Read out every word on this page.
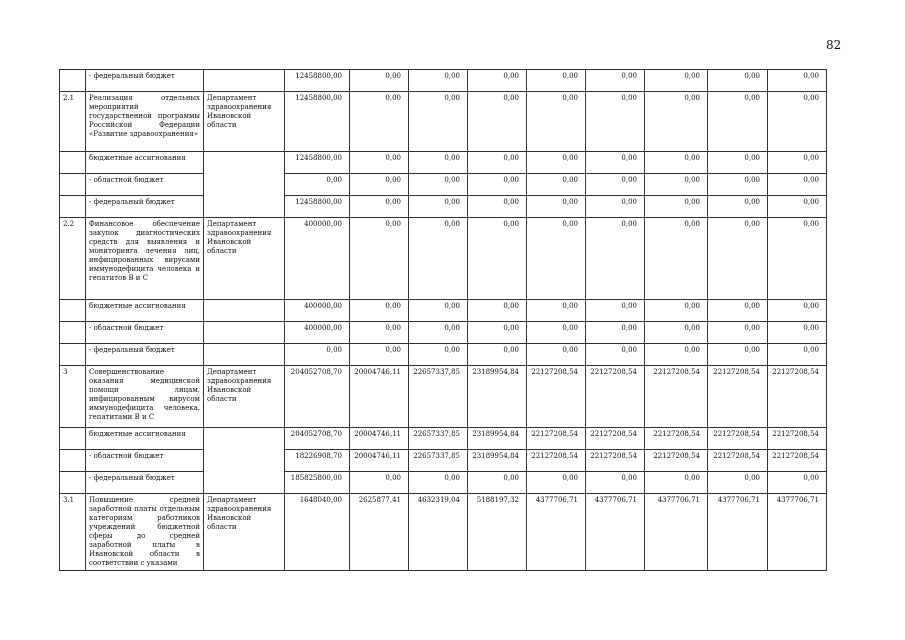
82
	- федеральный бюджет		12458800,00	0,00	0,00	0,00	0,00	0,00	0,00	0,00	0,00
2.1	Реализация отдельных мероприятий государственной программы Российской Федерации «Развитие здравоохранения»	Департамент здравоохранения Ивановской области	12458800,00	0,00	0,00	0,00	0,00	0,00	0,00	0,00	0,00
	бюджетные ассигнования		12458800,00	0,00	0,00	0,00	0,00	0,00	0,00	0,00	0,00
	- областной бюджет		0,00	0,00	0,00	0,00	0,00	0,00	0,00	0,00	0,00
	- федеральный бюджет		12458800,00	0,00	0,00	0,00	0,00	0,00	0,00	0,00	0,00
2.2	Финансовое обеспечение закупок диагностических средств для выявления и мониторинга лечения лиц, инфицированных вирусами иммунодефицита человека и гепатитов В и С	Департамент здравоохранения Ивановской области	400000,00	0,00	0,00	0,00	0,00	0,00	0,00	0,00	0,00
	бюджетные ассигнования		400000,00	0,00	0,00	0,00	0,00	0,00	0,00	0,00	0,00
	- областной бюджет		400000,00	0,00	0,00	0,00	0,00	0,00	0,00	0,00	0,00
	- федеральный бюджет		0,00	0,00	0,00	0,00	0,00	0,00	0,00	0,00	0,00
3	Совершенствование оказания медицинской помощи лицам, инфицированным вирусом иммунодефицита человека, гепатитами В и С	Департамент здравоохранения Ивановской области	204052708,70	20004746,11	22657337,85	23189954,84	22127208,54	22127208,54	22127208,54	22127208,54	22127208,54
	бюджетные ассигнования		204052708,70	20004746,11	22657337,85	23189954,84	22127208,54	22127208,54	22127208,54	22127208,54	22127208,54
	- областной бюджет		18226908,70	20004746,11	22657337,85	23189954,84	22127208,54	22127208,54	22127208,54	22127208,54	22127208,54
	- федеральный бюджет		185825800,00	0,00	0,00	0,00	0,00	0,00	0,00	0,00	0,00
3.1	Повышение средней заработной платы отдельным категориям работников учреждений бюджетной сферы до средней заработной платы в Ивановской области в соответствии с указами	Департамент здравоохранения Ивановской области	1648040,00	2625877,41	4632319,04	5188197,32	4377706,71	4377706,71	4377706,71	4377706,71	4377706,71
